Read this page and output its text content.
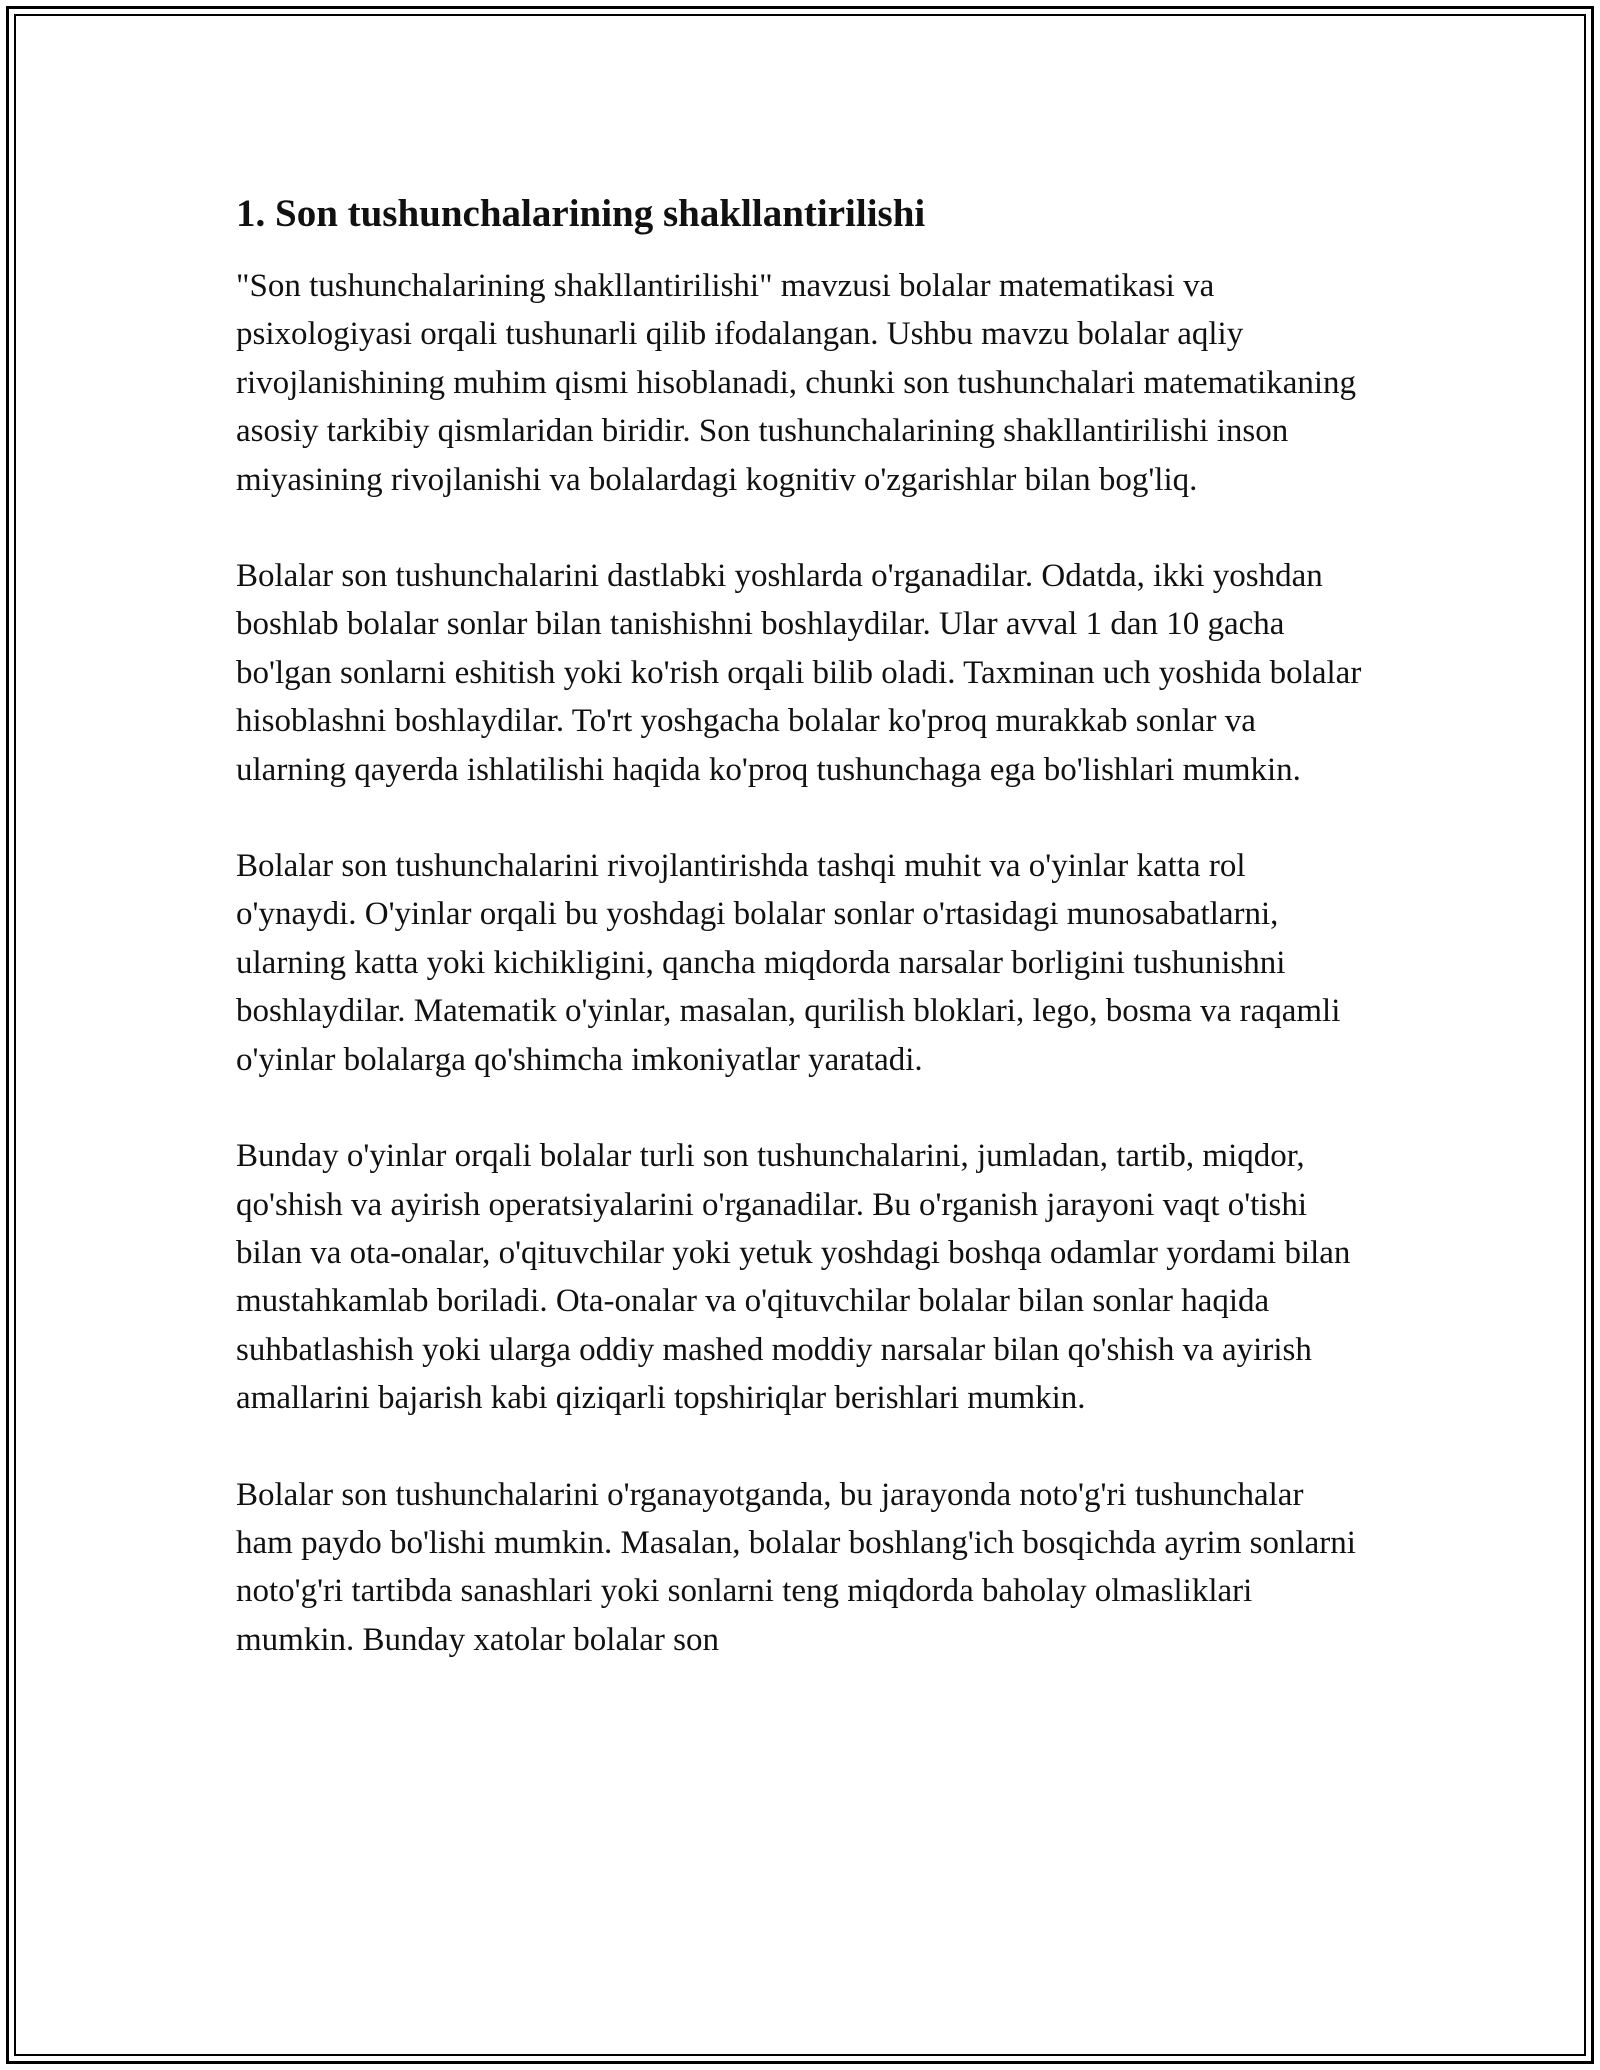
1. Son tushunchalarining shakllantirilishi

"Son tushunchalarining shakllantirilishi" mavzusi bolalar matematikasi va psixologiyasi orqali tushunarli qilib ifodalangan. Ushbu mavzu bolalar aqliy rivojlanishining muhim qismi hisoblanadi, chunki son tushunchalari matematikaning asosiy tarkibiy qismlaridan biridir. Son tushunchalarining shakllantirilishi inson miyasining rivojlanishi va bolalardagi kognitiv o'zgarishlar bilan bog'liq.

Bolalar son tushunchalarini dastlabki yoshlarda o'rganadilar. Odatda, ikki yoshdan boshlab bolalar sonlar bilan tanishishni boshlaydilar. Ular avval 1 dan 10 gacha bo'lgan sonlarni eshitish yoki ko'rish orqali bilib oladi. Taxminan uch yoshida bolalar hisoblashni boshlaydilar. To'rt yoshgacha bolalar ko'proq murakkab sonlar va ularning qayerda ishlatilishi haqida ko'proq tushunchaga ega bo'lishlari mumkin.

Bolalar son tushunchalarini rivojlantirishda tashqi muhit va o'yinlar katta rol o'ynaydi. O'yinlar orqali bu yoshdagi bolalar sonlar o'rtasidagi munosabatlarni, ularning katta yoki kichikligini, qancha miqdorda narsalar borligini tushunishni boshlaydilar. Matematik o'yinlar, masalan, qurilish bloklari, lego, bosma va raqamli o'yinlar bolalarga qo'shimcha imkoniyatlar yaratadi.

Bunday o'yinlar orqali bolalar turli son tushunchalarini, jumladan, tartib, miqdor, qo'shish va ayirish operatsiyalarini o'rganadilar. Bu o'rganish jarayoni vaqt o'tishi bilan va ota-onalar, o'qituvchilar yoki yetuk yoshdagi boshqa odamlar yordami bilan mustahkamlab boriladi. Ota-onalar va o'qituvchilar bolalar bilan sonlar haqida suhbatlashish yoki ularga oddiy mashed moddiy narsalar bilan qo'shish va ayirish amallarini bajarish kabi qiziqarli topshiriqlar berishlari mumkin.

Bolalar son tushunchalarini o'rganayotganda, bu jarayonda noto'g'ri tushunchalar ham paydo bo'lishi mumkin. Masalan, bolalar boshlang'ich bosqichda ayrim sonlarni noto'g'ri tartibda sanashlari yoki sonlarni teng miqdorda baholay olmasliklari mumkin. Bunday xatolar bolalar son
